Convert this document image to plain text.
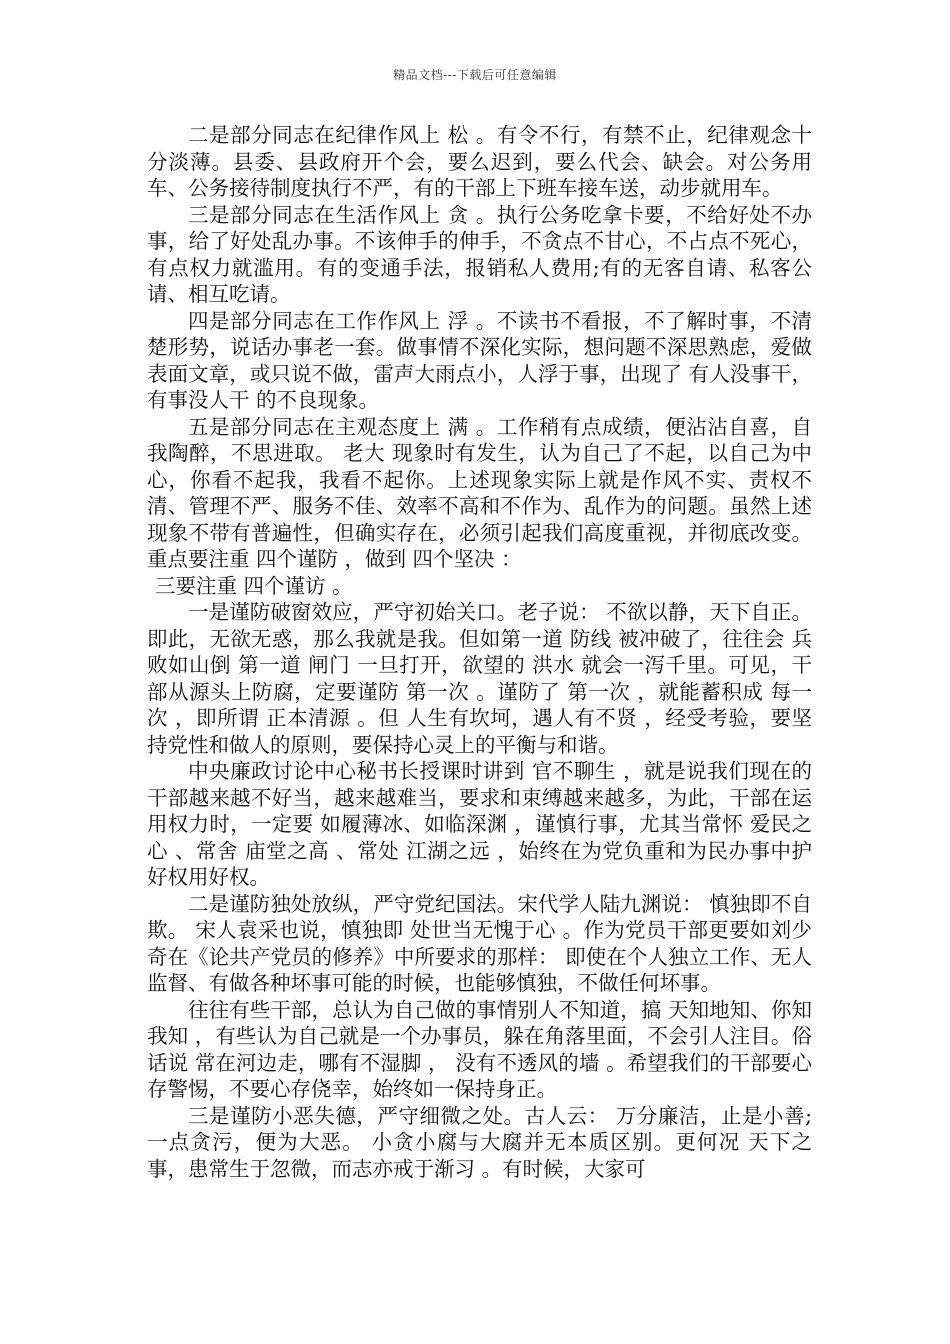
精品文档---下载后可任意编辑

二是部分同志在纪律作风上 松 。有令不行，有禁不止，纪律观念十分淡薄。县委、县政府开个会，要么迟到，要么代会、缺会。对公务用车、公务接待制度执行不严，有的干部上下班车接车送，动步就用车。

三是部分同志在生活作风上 贪 。执行公务吃拿卡要，不给好处不办事，给了好处乱办事。不该伸手的伸手，不贪点不甘心，不占点不死心，有点权力就滥用。有的变通手法，报销私人费用;有的无客自请、私客公请、相互吃请。

四是部分同志在工作作风上 浮 。不读书不看报，不了解时事，不清楚形势，说话办事老一套。做事情不深化实际，想问题不深思熟虑，爱做表面文章，或只说不做，雷声大雨点小，人浮于事，出现了 有人没事干，有事没人干 的不良现象。

五是部分同志在主观态度上 满 。工作稍有点成绩，便沾沾自喜，自我陶醉，不思进取。 老大 现象时有发生，认为自己了不起，以自己为中心，你看不起我，我看不起你。上述现象实际上就是作风不实、责权不清、管理不严、服务不佳、效率不高和不作为、乱作为的问题。虽然上述现象不带有普遍性，但确实存在，必须引起我们高度重视，并彻底改变。重点要注重 四个谨防 ，做到 四个坚决 ：

三要注重 四个谨访 。

一是谨防破窗效应，严守初始关口。老子说： 不欲以静，天下自正。 即此，无欲无惑，那么我就是我。但如第一道 防线 被冲破了，往往会 兵败如山倒 第一道 闸门 一旦打开，欲望的 洪水 就会一泻千里。可见，干部从源头上防腐，定要谨防 第一次 。谨防了 第一次 ，就能蓄积成 每一次 ，即所谓 正本清源 。但 人生有坎坷，遇人有不贤 ，经受考验，要坚持党性和做人的原则，要保持心灵上的平衡与和谐。

中央廉政讨论中心秘书长授课时讲到 官不聊生 ，就是说我们现在的干部越来越不好当，越来越难当，要求和束缚越来越多，为此，干部在运用权力时，一定要 如履薄冰、如临深渊 ，谨慎行事，尤其当常怀 爱民之心 、常舍 庙堂之高 、常处 江湖之远 ，始终在为党负重和为民办事中护好权用好权。

二是谨防独处放纵，严守党纪国法。宋代学人陆九渊说： 慎独即不自欺。 宋人袁采也说，慎独即 处世当无愧于心 。作为党员干部更要如刘少奇在《论共产党员的修养》中所要求的那样： 即使在个人独立工作、无人监督、有做各种坏事可能的时候，也能够慎独，不做任何坏事。

往往有些干部，总认为自己做的事情别人不知道，搞 天知地知、你知我知 ，有些认为自己就是一个办事员，躲在角落里面，不会引人注目。俗话说 常在河边走，哪有不湿脚 ， 没有不透风的墙 。希望我们的干部要心存警惕，不要心存侥幸，始终如一保持身正。

三是谨防小恶失德，严守细微之处。古人云： 万分廉洁，止是小善;一点贪污，便为大恶。 小贪小腐与大腐并无本质区别。更何况 天下之事，患常生于忽微，而志亦戒于渐习 。有时候，大家可
